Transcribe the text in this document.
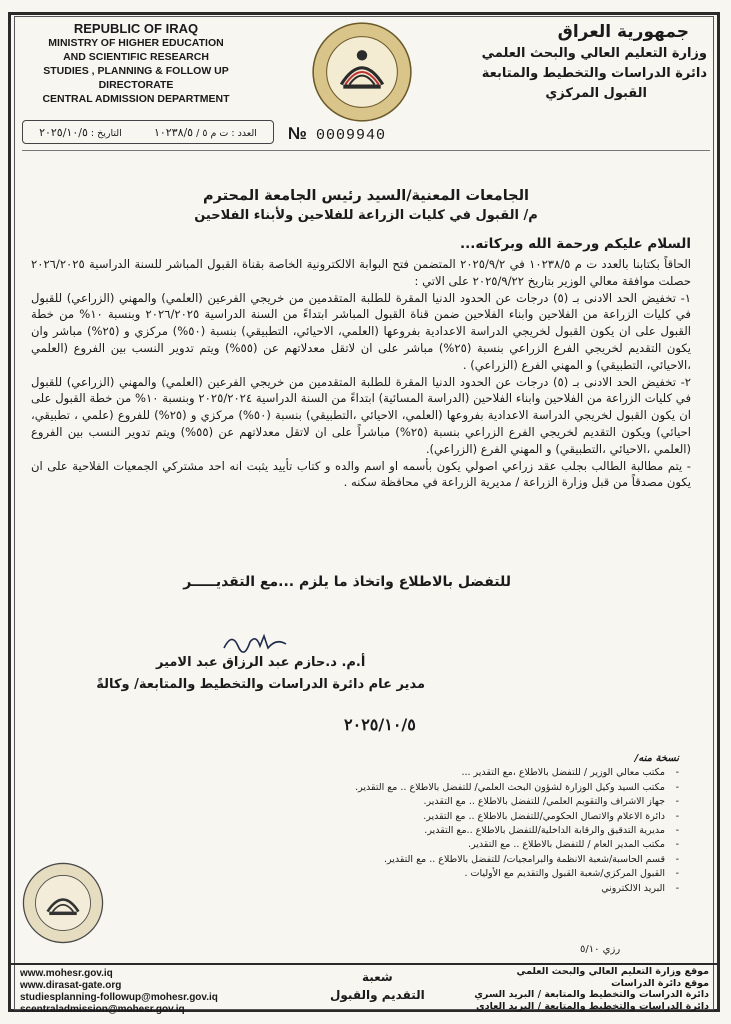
REPUBLIC OF IRAQ
MINISTRY OF HIGHER EDUCATION
AND SCIENTIFIC RESEARCH
STUDIES , PLANNING & FOLLOW UP DIRECTORATE
CENTRAL ADMISSION DEPARTMENT
جمهورية العراق
وزارة التعليم العالي والبحث العلمي
دائرة الدراسات والتخطيط والمتابعة
القبول المركزي
العدد : ت م ٥ / ١٠٢٣٨/٥
التاريخ : ٢٠٢٥/١٠/٥	№ 0009940
الجامعات المعنية/السيد رئيس الجامعة المحترم
م/ القبول في كليات الزراعة للفلاحين ولأبناء الفلاحين
السلام عليكم ورحمة الله وبركاته...

الحاقاً بكتابنا بالعدد ت م ١٠٢٣٨/٥ في ٢٠٢٥/٩/٢ المتضمن فتح البوابة الالكترونية الخاصة بقناة القبول المباشر للسنة الدراسية ٢٠٢٦/٢٠٢٥ حصلت موافقة معالي الوزير بتاريخ ٢٠٢٥/٩/٢٢ على الاتي :

١- تخفيض الحد الادنى بـ (٥) درجات عن الحدود الدنيا المقرة للطلبة المتقدمين من خريجي الفرعين (العلمي) والمهني (الزراعي) للقبول في كليات الزراعة من الفلاحين وابناء الفلاحين ضمن قناة القبول المباشر ابتداءً من السنة الدراسية ٢٠٢٦/٢٠٢٥ وبنسبة ١٠% من خطة القبول على ان يكون القبول لخريجي الدراسة الاعدادية بفروعها (العلمي، الاحيائي، التطبيقي) بنسبة (٥٠%) مركزي و (٢٥%) مباشر وان يكون التقديم لخريجي الفرع الزراعي بنسبة (٢٥%) مباشر على ان لاتقل معدلاتهم عن (٥٥%) ويتم تدوير النسب بين الفروع (العلمي ،الاحيائي، التطبيقي) و المهني الفرع (الزراعي) .

٢- تخفيض الحد الادنى بـ (٥) درجات عن الحدود الدنيا المقرة للطلبة المتقدمين من خريجي الفرعين (العلمي) والمهني (الزراعي) للقبول في كليات الزراعة من الفلاحين وابناء الفلاحين (الدراسة المسائية) ابتداءً من السنة الدراسية ٢٠٢٥/٢٠٢٤ وبنسبة ١٠% من خطة القبول على ان يكون القبول لخريجي الدراسة الاعدادية بفروعها (العلمي، الاحيائي ،التطبيقي) بنسبة (٥٠%) مركزي و (٢٥%) للفروع (علمي ، تطبيقي، احيائي) ويكون التقديم لخريجي الفرع الزراعي بنسبة (٢٥%) مباشراً على ان لاتقل معدلاتهم عن (٥٥%) ويتم تدوير النسب بين الفروع (العلمي ،الاحيائي ،التطبيقي) و المهني الفرع (الزراعي).

- يتم مطالبة الطالب بجلب عقد زراعي اصولي يكون بأسمه او اسم والده و كتاب تأييد يثبت انه احد مشتركي الجمعيات الفلاحية على ان يكون مصدقاً من قبل وزارة الزراعة / مديرية الزراعة في محافظة سكنه .

للتفضل بالاطلاع واتخاذ ما يلزم ...مع التقديـــــر
أ.م. د.حازم عبد الرزاق عبد الامير
مدير عام دائرة الدراسات والتخطيط والمتابعة/ وكالةً
٢٠٢٥/١٠/٥
نسخة منه/
- مكتب معالي الوزير / للتفضل بالاطلاع ،مع التقدير ...
- مكتب السيد وكيل الوزارة لشؤون البحث العلمي/ للتفضل بالاطلاع .. مع التقدير.
- جهاز الاشراف والتقويم العلمي/ للتفضل بالاطلاع .. مع التقدير.
- دائرة الاعلام والاتصال الحكومي/للتفضل بالاطلاع .. مع التقدير.
- مديرية التدقيق والرقابة الداخلية/للتفضل بالاطلاع ..مع التقدير.
- مكتب المدير العام / للتفضل بالاطلاع .. مع التقدير.
- قسم الحاسبة/شعبة الانظمة والبرامجيات/ للتفضل بالاطلاع .. مع التقدير.
- القبول المركزي/شعبة القبول والتقديم مع الأوليات .
- البريد الالكتروني
رزي ٥/١٠
www.mohesr.gov.iq
www.dirasat-gate.org
studiesplanning-followup@mohesr.gov.iq
scentraladmission@mohesr.gov.iq
شعبة
التقديم والقبول
موقع وزارة التعليم العالي والبحث العلمي
موقع دائرة الدراسات
دائرة الدراسات والتخطيط والمتابعة / البريد السري
دائرة الدراسات والتخطيط والمتابعة / البريد العادي
